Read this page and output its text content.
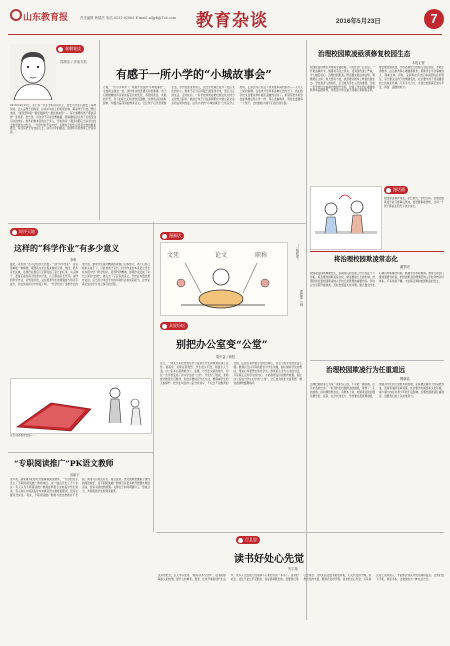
山东教育报	责任编辑 韩德杰 电话:0531-82669 E-mail: sdjyb@126.com 教育杂谈	2016年5月23日	7
秦朝笔谈
郑渊洁 / 济南实验
2016年4月25日，在广东一所小学的运动会上，校长为学生们颁发了各种奖状。让人意想不到的是，这场运动会上的奖项名称，都是孩子们自己想出来的。“最佳坚持奖”“最佳鼓励奖”“最佳加油奖”……每个参赛的孩子都能获得一张奖状。校长说，运动会不只是比赛输赢，更重要的是让孩子们感受到运动的快乐。教育的根本目的在于育人，学校的每一项活动都应当以学生的全面发展为出发点。一所学校能不能办好，关键在于校长有没有先进的教育理念，有没有把学生放在心上。这所小学的做法，值得所有的教育工作者深思。
有感于一所小学的“小城故事会”
日前，一所小学举办了一场别开生面的“小城故事会”，全校师生围坐一堂，讲述身边的普通人和普通事。孩子们用稚嫩的声音讲述着家乡的变化、邻居的善良、老师的辛劳，台下的家长们听得热泪盈眶。这样的活动看似简单，却蕴含着深刻的教育意义。它让孩子们学会观察生活，学会感恩身边的人，也让学校真正成为了社区文化的中心。教育不应当只局限于课堂和书本，更应当走进生活、走进社会。一所学校如果能把校园文化与地方文化结合起来，就能让孩子们在潜移默化中建立起对家乡的认同和热爱。这所小学的“小城故事会”之所以令人感动，正是因为它抓住了教育最本真的东西——人与人之间的真情。在追求升学率和各种评比的当下，我们的学校太需要这样朴素而温暖的活动了。希望有更多的学校能够像这所小学一样，用心去做教育，用爱去温暖每一个孩子，让校园成为孩子们成长的乐园。
治理校园欺凌亟须修复校园生态
本报记者
校园欺凌问题近来频频见诸报端，引发社会广泛关注。一些欺凌事件中，施暴者手段之恶劣、受害者伤害之严重，令人触目惊心。治理校园欺凌，既需要完善法律法规，明确责任主体，加大惩戒力度，更需要从根本上修复校园生态。学校是育人的场所，应当成为学生心灵的港湾。当前一些学校过分看重分数和升学率，忽视了学生的心理健康教育和品德教育，导致部分学生缺乏同理心和规则意识。要治理校园欺凌，学校必须把立德树人放在首位，开展生命教育、法治教育和心理健康教育，帮助学生学会尊重他人、尊重生命。同时，家庭和社会也应承担起相应的责任，家长要关注孩子的情绪变化，社会要为孩子营造健康向上的成长环境。只有多方合力，才能让校园真正成为平安、和谐、温暖的地方。
漫话画
校园欺凌事件频发，家长担忧，学校头疼。治理校园欺凌不能只靠事后惩戒，更需要事前预防，让每一个孩子都能在阳光下快乐成长。
将治理校园欺凌常态化
戴思明
校园欺凌现象屡屡发生，说明我们的治理工作还存在不少短板。将治理校园欺凌常态化，就是要建立长效机制，把预防和处置校园欺凌纳入学校日常管理的重要内容。学校应当定期开展排查，及时发现苗头性问题，建立健全学生心理咨询和辅导机制，畅通学生求助渠道。教育行政部门要加强督导检查，把校园欺凌治理情况纳入学校考核评价体系。只有常抓不懈，才能真正遏制校园欺凌的发生。
治理校园欺凌行为任重道远
柳晓铭
治理校园欺凌行为是一项系统工程，不可能一蹴而就。近年来各地出台了一系列防治校园欺凌的措施，取得了一定的成效，但问题依然存在。从根本上讲，校园欺凌的治理需要学校、家庭、社会共同发力。学校要完善管理制度，加强对学生的日常教育和管理；家庭要注重孩子的品德养成，营造和谐的家庭氛围；社会要净化网络和文化环境，减少暴力内容对青少年的不良影响。治理校园欺凌任重道远，需要我们持之以恒地努力。
漫画话
文凭	论文	职称	“一根稻草”
郑铭冲 / 画
众说纷纭
别把办公室变“公堂”
胡庆益 / 海阳
近日，一则关于某校老师在办公室训斥学生的视频在网上流传。视频中，老师言辞激烈，学生低头不语，场面令人不适。办公室本应是教师办公、备课、与学生交流的地方，却在一些学校变成了训斥学生的“公堂”。学生犯了错误，老师批评教育无可厚非，但批评要讲究方式方法，要尊重学生的人格尊严。把学生叫到办公室当众训斥，不仅达不到教育的目的，反而容易伤害学生的自尊心，甚至引发学生的逆反心理。教师应当以平等的姿态与学生沟通，耐心倾听学生的想法，用爱心和智慧去感化学生。教育是心灵与心灵的对话，只有真正走进学生的内心，才能取得良好的教育效果。别让办公室成为学生心中的“公堂”，让它成为师生交流思想、增进感情的温馨场所。
时评天地
这样的“科学作业”有多少意义
李明
最近，某市的一些小学给学生布置了一项“科学作业”：在家里种植一种植物，观察其生长过程并做好记录。然而，很多家长反映，这项作业最后几乎都变成了家长的任务，从买种子、准备花盆到每天的浇水记录，几乎都由家长代劳。这样的科学作业，初衷是好的，旨在培养学生的观察能力和动手能力，但在实际执行中却变了味。一些学校为了追求作业的形式感，要求学生提交精美的观察日记和照片，孩子们自己根本完成不了，只能求助于家长。科学作业的本意是让学生在实践中学习科学知识，培养科学精神，如果作业变成了家长之间的“比拼”，就失去了它应有的意义。学校在布置此类作业时，应当充分考虑学生的年龄特点和实际能力，让作业真正成为学生自主探究的过程。
家长讲述教育经验……
“专职阅读推广”PK语文教师
高新宇
近年来，越来越多的学校开始重视阅读教育，一些学校甚至设立了专职的阅读推广教师岗位。这一做法引发了不少争议：有人认为专职阅读推广教师能够更专业地指导学生阅读，有人则认为阅读指导本来就是语文教师的职责，没有必要另设岗位。其实，专职阅读推广教师与语文教师并不矛盾，两者可以相互补充、相互促进。语文教师更侧重于课内的阅读教学，而专职阅读推广教师可以更多地开展课外阅读活动，营造书香校园氛围。关键在于如何明确分工、形成合力，共同提高学生的阅读素养。
行且思
读书好处心先觉
朱宇翔
读书的好处，古人早有论述。“腹有诗书气自华”，读书能够陶冶人的性情，提升人的修养。然而，在快节奏的现代生活中，很多人已经很久没有静下心来好好读一本书了。读书的好处，往往不是立竿见影的，而是潜移默化的，需要我们用心去体会。当我们沉浸在书的世界里，心灵会变得宁静，思想会变得丰富，眼界会变得开阔。读书好处心先觉，只有真正爱上读书的人，才能体会到其中的乐趣和益处。让我们放下手机，拿起书本，让阅读成为一种生活方式。
